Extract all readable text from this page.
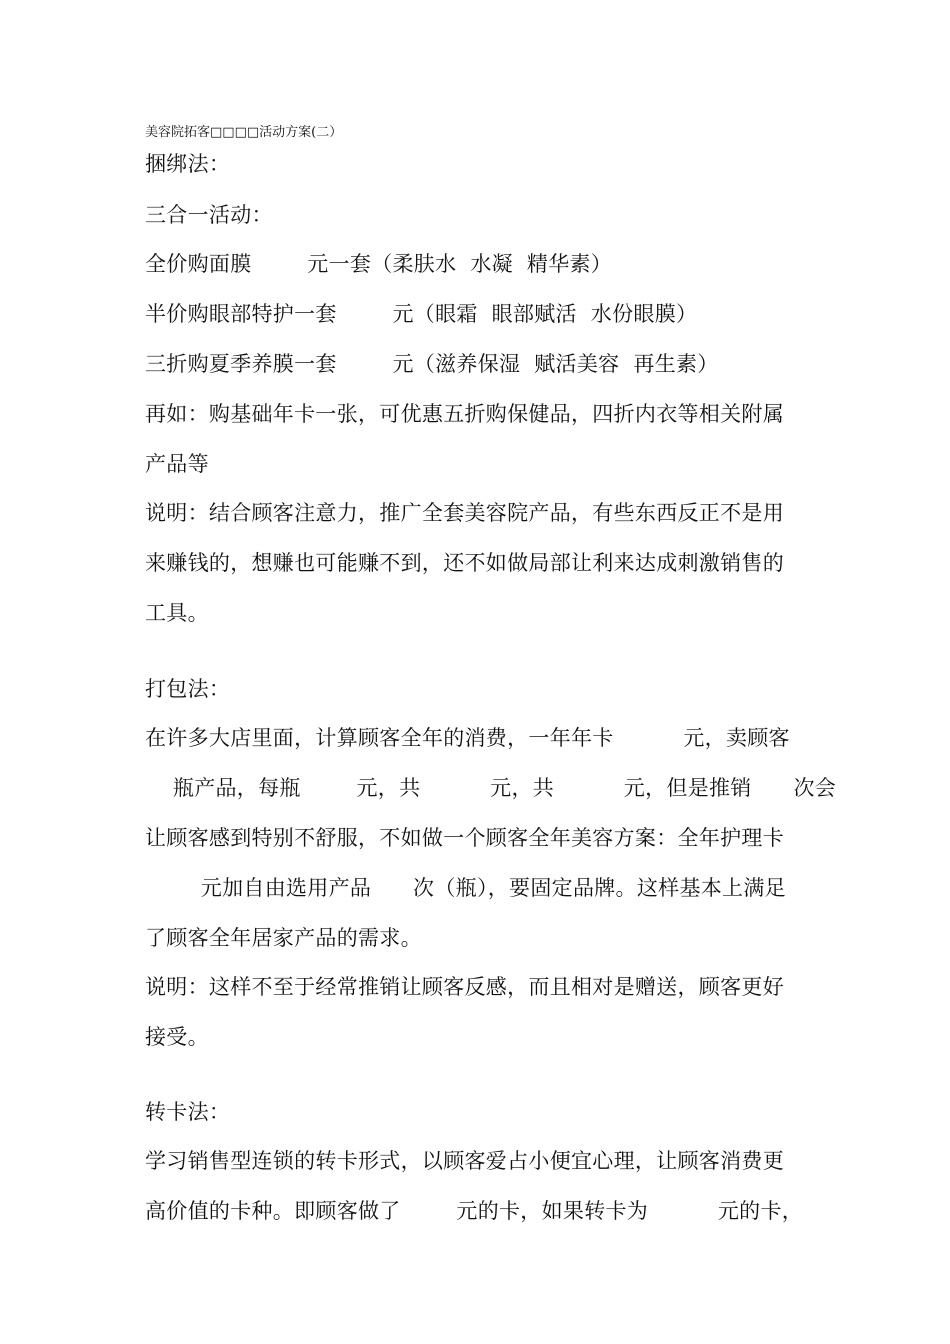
美容院拓客□□□□活动方案(二）
捆绑法：
三合一活动：
全价购面膜        元一套（柔肤水  水凝  精华素）
半价购眼部特护一套        元（眼霜  眼部赋活  水份眼膜）
三折购夏季养膜一套        元（滋养保湿  赋活美容  再生素）
再如：购基础年卡一张，可优惠五折购保健品，四折内衣等相关附属
产品等
说明：结合顾客注意力，推广全套美容院产品，有些东西反正不是用
来赚钱的，想赚也可能赚不到，还不如做局部让利来达成刺激销售的
工具。
打包法：
在许多大店里面，计算顾客全年的消费，一年年卡          元，卖顾客
瓶产品，每瓶        元，共          元，共          元，但是推销      次会
让顾客感到特别不舒服，不如做一个顾客全年美容方案：全年护理卡
元加自由选用产品      次（瓶），要固定品牌。这样基本上满足
了顾客全年居家产品的需求。
说明：这样不至于经常推销让顾客反感，而且相对是赠送，顾客更好
接受。
转卡法：
学习销售型连锁的转卡形式，以顾客爱占小便宜心理，让顾客消费更
高价值的卡种。即顾客做了        元的卡，如果转卡为          元的卡，
